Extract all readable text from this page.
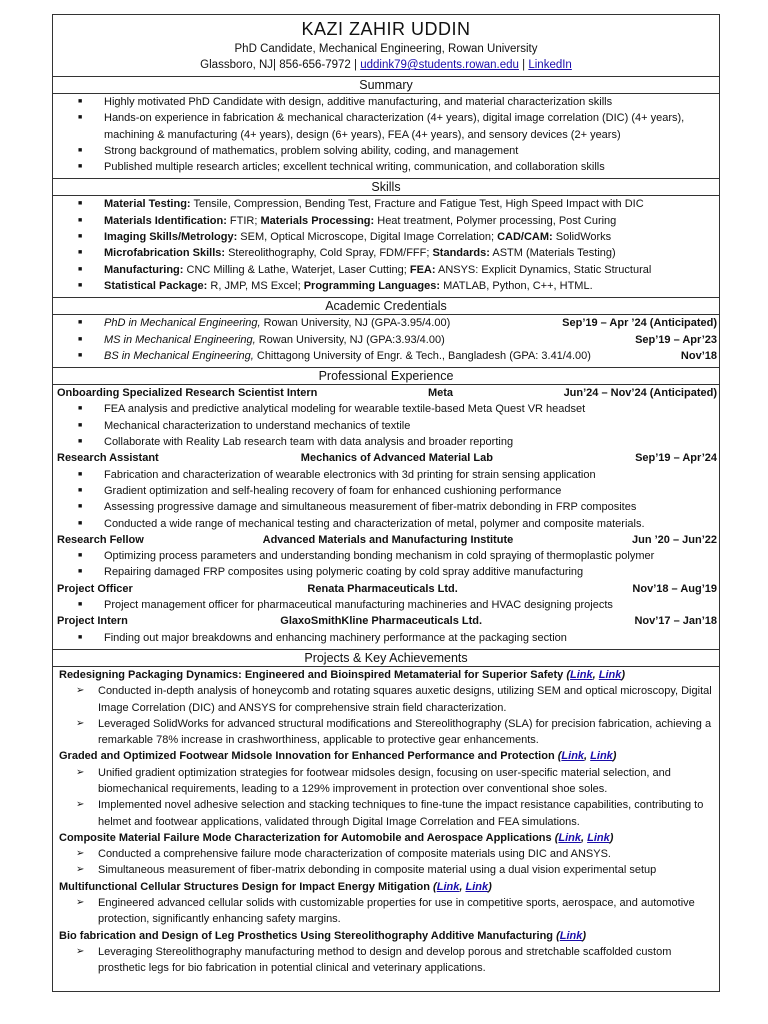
KAZI ZAHIR UDDIN
PhD Candidate, Mechanical Engineering, Rowan University
Glassboro, NJ| 856-656-7972 | uddink79@students.rowan.edu | LinkedIn
Summary
■ Highly motivated PhD Candidate with design, additive manufacturing, and material characterization skills
■ Hands-on experience in fabrication & mechanical characterization (4+ years), digital image correlation (DIC) (4+ years), machining & manufacturing (4+ years), design (6+ years), FEA (4+ years), and sensory devices (2+ years)
■ Strong background of mathematics, problem solving ability, coding, and management
■ Published multiple research articles; excellent technical writing, communication, and collaboration skills
Skills
■ Material Testing: Tensile, Compression, Bending Test, Fracture and Fatigue Test, High Speed Impact with DIC
■ Materials Identification: FTIR; Materials Processing: Heat treatment, Polymer processing, Post Curing
■ Imaging Skills/Metrology: SEM, Optical Microscope, Digital Image Correlation; CAD/CAM: SolidWorks
■ Microfabrication Skills: Stereolithography, Cold Spray, FDM/FFF; Standards: ASTM (Materials Testing)
■ Manufacturing: CNC Milling & Lathe, Waterjet, Laser Cutting; FEA: ANSYS: Explicit Dynamics, Static Structural
■ Statistical Package: R, JMP, MS Excel; Programming Languages: MATLAB, Python, C++, HTML.
Academic Credentials
■ PhD in Mechanical Engineering, Rowan University, NJ (GPA-3.95/4.00)	Sep’19 – Apr ’24 (Anticipated)
■ MS in Mechanical Engineering, Rowan University, NJ (GPA:3.93/4.00)	Sep’19 – Apr’23
■ BS in Mechanical Engineering, Chittagong University of Engr. & Tech., Bangladesh (GPA: 3.41/4.00)	Nov’18
Professional Experience
Onboarding Specialized Research Scientist Intern	Meta	Jun’24 – Nov’24 (Anticipated)
■ FEA analysis and predictive analytical modeling for wearable textile-based Meta Quest VR headset
■ Mechanical characterization to understand mechanics of textile
■ Collaborate with Reality Lab research team with data analysis and broader reporting
Research Assistant	Mechanics of Advanced Material Lab	Sep’19 – Apr’24
■ Fabrication and characterization of wearable electronics with 3d printing for strain sensing application
■ Gradient optimization and self-healing recovery of foam for enhanced cushioning performance
■ Assessing progressive damage and simultaneous measurement of fiber-matrix debonding in FRP composites
■ Conducted a wide range of mechanical testing and characterization of metal, polymer and composite materials.
Research Fellow	Advanced Materials and Manufacturing Institute	Jun ’20 – Jun’22
■ Optimizing process parameters and understanding bonding mechanism in cold spraying of thermoplastic polymer
■ Repairing damaged FRP composites using polymeric coating by cold spray additive manufacturing
Project Officer	Renata Pharmaceuticals Ltd.	Nov’18 – Aug’19
■ Project management officer for pharmaceutical manufacturing machineries and HVAC designing projects
Project Intern	GlaxoSmithKline Pharmaceuticals Ltd.	Nov’17 – Jan’18
■ Finding out major breakdowns and enhancing machinery performance at the packaging section
Projects & Key Achievements
Redesigning Packaging Dynamics: Engineered and Bioinspired Metamaterial for Superior Safety (Link, Link)
➢ Conducted in-depth analysis of honeycomb and rotating squares auxetic designs, utilizing SEM and optical microscopy, Digital Image Correlation (DIC) and ANSYS for comprehensive strain field characterization.
➢ Leveraged SolidWorks for advanced structural modifications and Stereolithography (SLA) for precision fabrication, achieving a remarkable 78% increase in crashworthiness, applicable to protective gear enhancements.
Graded and Optimized Footwear Midsole Innovation for Enhanced Performance and Protection (Link, Link)
➢ Unified gradient optimization strategies for footwear midsoles design, focusing on user-specific material selection, and biomechanical requirements, leading to a 129% improvement in protection over conventional shoe soles.
➢ Implemented novel adhesive selection and stacking techniques to fine-tune the impact resistance capabilities, contributing to helmet and footwear applications, validated through Digital Image Correlation and FEA simulations.
Composite Material Failure Mode Characterization for Automobile and Aerospace Applications (Link, Link)
➢ Conducted a comprehensive failure mode characterization of composite materials using DIC and ANSYS.
➢ Simultaneous measurement of fiber-matrix debonding in composite material using a dual vision experimental setup
Multifunctional Cellular Structures Design for Impact Energy Mitigation (Link, Link)
➢ Engineered advanced cellular solids with customizable properties for use in competitive sports, aerospace, and automotive protection, significantly enhancing safety margins.
Bio fabrication and Design of Leg Prosthetics Using Stereolithography Additive Manufacturing (Link)
➢ Leveraging Stereolithography manufacturing method to design and develop porous and stretchable scaffolded custom prosthetic legs for bio fabrication in potential clinical and veterinary applications.
